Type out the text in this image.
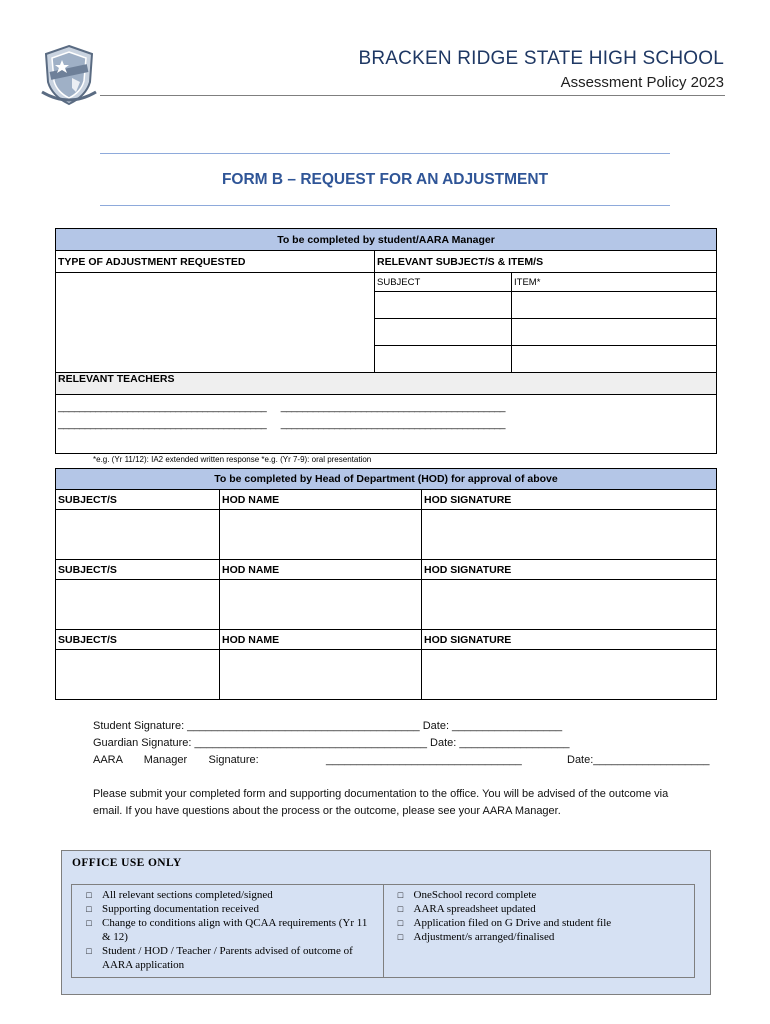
BRACKEN RIDGE STATE HIGH SCHOOL
Assessment Policy 2023
FORM B – REQUEST FOR AN ADJUSTMENT
To be completed by student/AARA Manager		
TYPE OF ADJUSTMENT REQUESTED	RELEVANT SUBJECT/S & ITEM/S	
	SUBJECT	ITEM*

RELEVANT TEACHERS		
_______________________________________      __________________________________________
_______________________________________      __________________________________________		
*e.g. (Yr 11/12): IA2 extended written response *e.g. (Yr 7-9): oral presentation
To be completed by Head of Department (HOD) for approval of above		
SUBJECT/S	HOD NAME	HOD SIGNATURE

SUBJECT/S	HOD NAME	HOD SIGNATURE

SUBJECT/S	HOD NAME	HOD SIGNATURE

Student Signature: ______________________________________ Date: __________________
Guardian Signature: ______________________________________ Date: __________________
AARA       Manager       Signature:	________________________________	Date:___________________
Please submit your completed form and supporting documentation to the office. You will be advised of the outcome via email. If you have questions about the process or the outcome, please see your AARA Manager.
OFFICE USE ONLY
□ All relevant sections completed/signed
□ Supporting documentation received
□ Change to conditions align with QCAA requirements (Yr 11 & 12)
□ Student / HOD / Teacher / Parents advised of outcome of AARA application
□ OneSchool record complete
□ AARA spreadsheet updated
□ Application filed on G Drive and student file
□ Adjustment/s arranged/finalised
